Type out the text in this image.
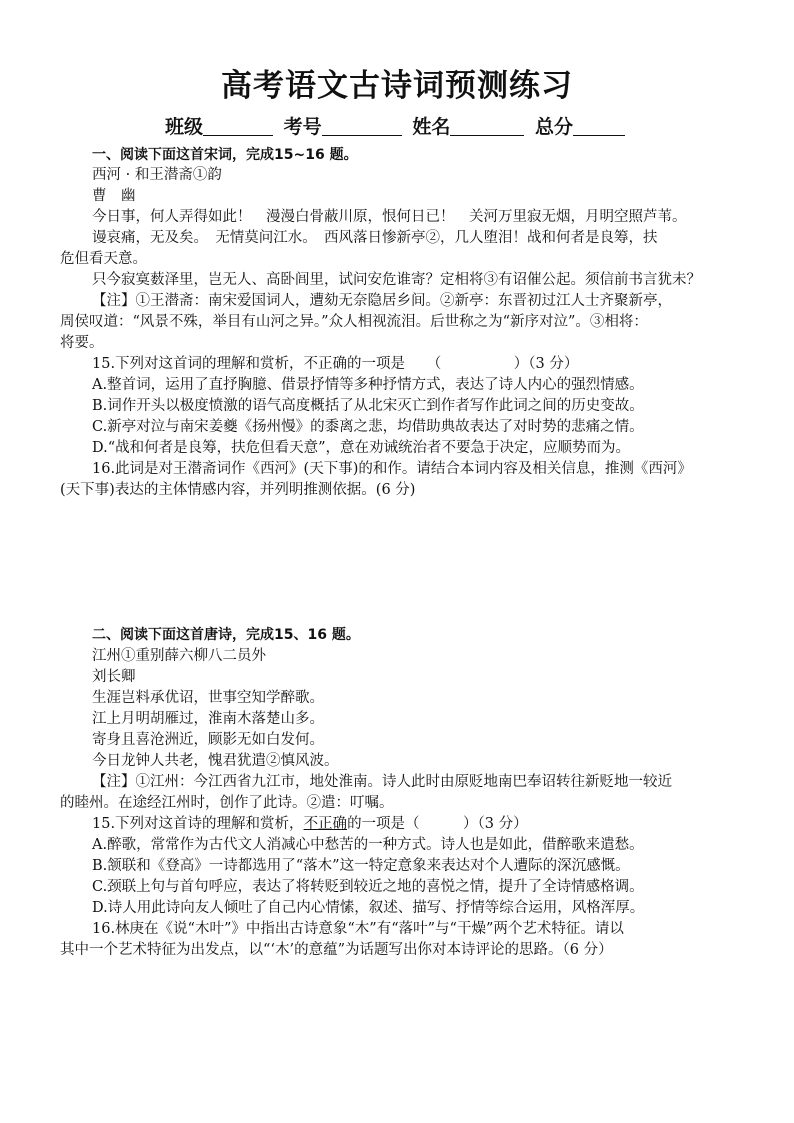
高考语文古诗词预测练习
班级	考号	姓名	总分
一、阅读下面这首宋词，完成15~16 题。
西河 · 和王潜斋①韵
曹　幽
今日事，何人弄得如此！　漫漫白骨蔽川原，恨何日已！　关河万里寂无烟，月明空照芦苇。
谩哀痛，无及矣。　无情莫问江水。　西风落日惨新亭②，几人堕泪！战和何者是良筹，扶
危但看天意。
只今寂寞薮泽里，岂无人、高卧闾里，试问安危谁寄？定相将③有诏催公起。须信前书言犹未？
【注】①王潜斋：南宋爱国词人，遭劾无奈隐居乡间。②新亭：东晋初过江人士齐聚新亭，
周侯叹道：“风景不殊，举目有山河之异。”众人相视流泪。后世称之为“新序对泣”。③相将：
将要。
15.下列对这首词的理解和赏析，不正确的一项是　　（　　　　　）（3 分）
A.整首词，运用了直抒胸臆、借景抒情等多种抒情方式，表达了诗人内心的强烈情感。
B.词作开头以极度愤激的语气高度概括了从北宋灭亡到作者写作此词之间的历史变故。
C.新亭对泣与南宋姜夔《扬州慢》的黍离之悲，均借助典故表达了对时势的悲痛之情。
D.“战和何者是良筹，扶危但看天意”，意在劝诫统治者不要急于决定，应顺势而为。
16.此词是对王潜斋词作《西河》(天下事)的和作。请结合本词内容及相关信息，推测《西河》
(天下事)表达的主体情感内容，并列明推测依据。(6 分)
二、阅读下面这首唐诗，完成15、16 题。
江州①重别薛六柳八二员外
刘长卿
生涯岂料承优诏，世事空知学醉歌。
江上月明胡雁过，淮南木落楚山多。
寄身且喜沧洲近，顾影无如白发何。
今日龙钟人共老，愧君犹遣②慎风波。
【注】①江州：今江西省九江市，地处淮南。诗人此时由原贬地南巴奉诏转往新贬地一较近
的睦州。在途经江州时，创作了此诗。②遣：叮嘱。
15.下列对这首诗的理解和赏析，不正确的一项是（　　　）（3 分）
A.醉歌，常常作为古代文人消减心中愁苦的一种方式。诗人也是如此，借醉歌来遣愁。
B.颔联和《登高》一诗都选用了“落木”这一特定意象来表达对个人遭际的深沉感慨。
C.颈联上句与首句呼应，表达了将转贬到较近之地的喜悦之情，提升了全诗情感格调。
D.诗人用此诗向友人倾吐了自己内心情愫，叙述、描写、抒情等综合运用，风格浑厚。
16.林庚在《说“木叶”》中指出古诗意象“木”有“落叶”与“干燥”两个艺术特征。请以
其中一个艺术特征为出发点，以“‘木’的意蕴”为话题写出你对本诗评论的思路。（6 分）
